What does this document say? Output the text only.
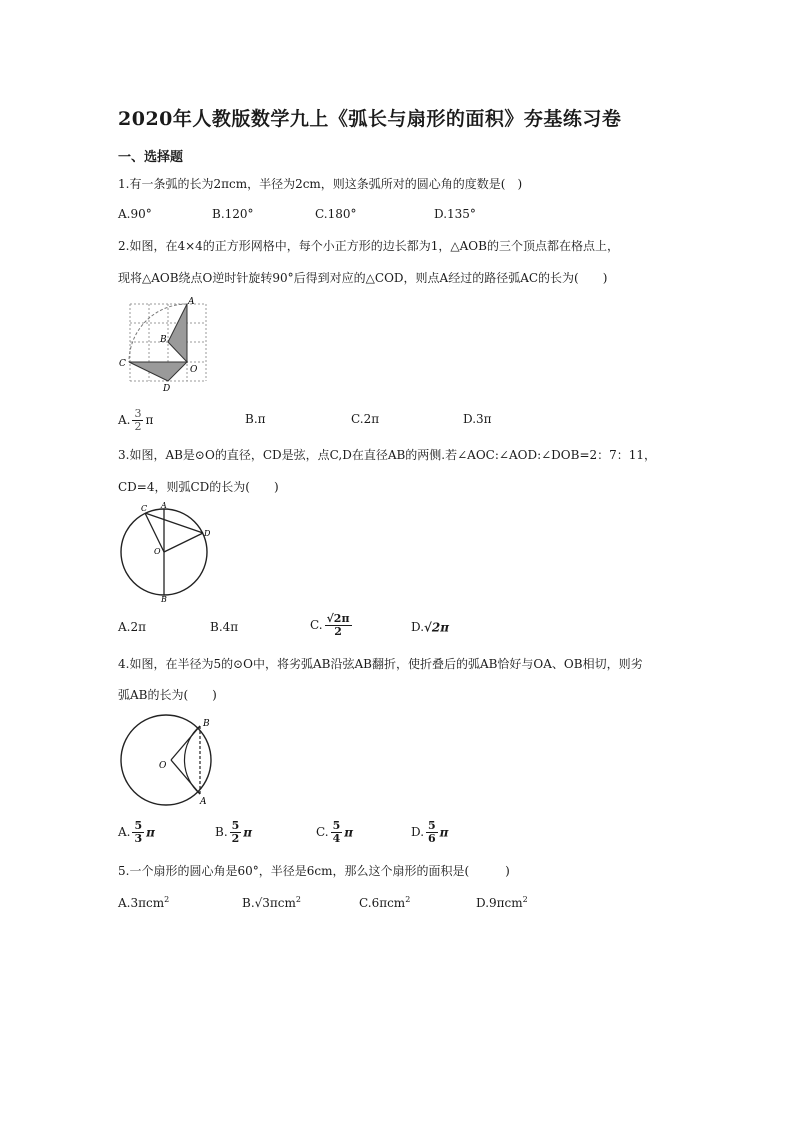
2020年人教版数学九上《弧长与扇形的面积》夯基练习卷
一、选择题
1.有一条弧的长为2πcm，半径为2cm，则这条弧所对的圆心角的度数是(　)
A.90°	B.120°	C.180°	D.135°
2.如图，在4×4的正方形网格中，每个小正方形的边长都为1，△AOB的三个顶点都在格点上，
现将△AOB绕点O逆时针旋转90°后得到对应的△COD，则点A经过的路径弧AC的长为(　　)
A
B
C
D
O
A. $\frac{3}{2}$ π	B.π	C.2π	D.3π
3.如图，AB是⊙O的直径，CD是弦，点C,D在直径AB的两侧.若∠AOC:∠AOD:∠DOB=2：7：11，
CD=4，则弧CD的长为(　　)
C A
D
O
B
A.2π	B.4π	C. $\frac{√2\pi}{2}$	D.√2π
4.如图，在半径为5的⊙O中，将劣弧AB沿弦AB翻折，使折叠后的弧AB恰好与OA、OB相切，则劣
弧AB的长为(　　)
B
O
A
A. $\frac{5}{3}$ π	B. $\frac{5}{2}$ π	C. $\frac{5}{4}$ π	D. $\frac{5}{6}$ π
5.一个扇形的圆心角是60°，半径是6cm，那么这个扇形的面积是(　　　)
A.3πcm$^2$	B.√3πcm$^2$	C.6πcm$^2$	D.9πcm$^2$
